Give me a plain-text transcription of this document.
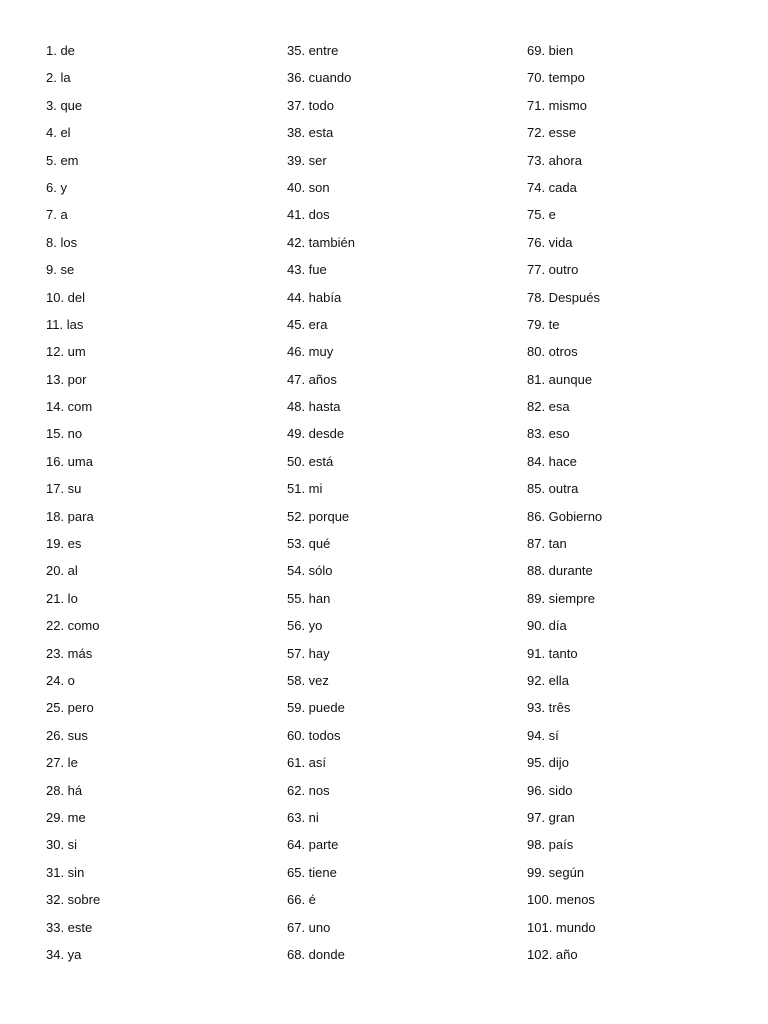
1. de
2. la
3. que
4. el
5. em
6. y
7. a
8. los
9. se
10. del
11. las
12. um
13. por
14. com
15. no
16. uma
17. su
18. para
19. es
20. al
21. lo
22. como
23. más
24. o
25. pero
26. sus
27. le
28. há
29. me
30. si
31. sin
32. sobre
33. este
34. ya
35. entre
36. cuando
37. todo
38. esta
39. ser
40. son
41. dos
42. también
43. fue
44. había
45. era
46. muy
47. años
48. hasta
49. desde
50. está
51. mi
52. porque
53. qué
54. sólo
55. han
56. yo
57. hay
58. vez
59. puede
60. todos
61. así
62. nos
63. ni
64. parte
65. tiene
66. é
67. uno
68. donde
69. bien
70. tempo
71. mismo
72. esse
73. ahora
74. cada
75. e
76. vida
77. outro
78. Después
79. te
80. otros
81. aunque
82. esa
83. eso
84. hace
85. outra
86. Gobierno
87. tan
88. durante
89. siempre
90. día
91. tanto
92. ella
93. três
94. sí
95. dijo
96. sido
97. gran
98. país
99. según
100. menos
101. mundo
102. año
